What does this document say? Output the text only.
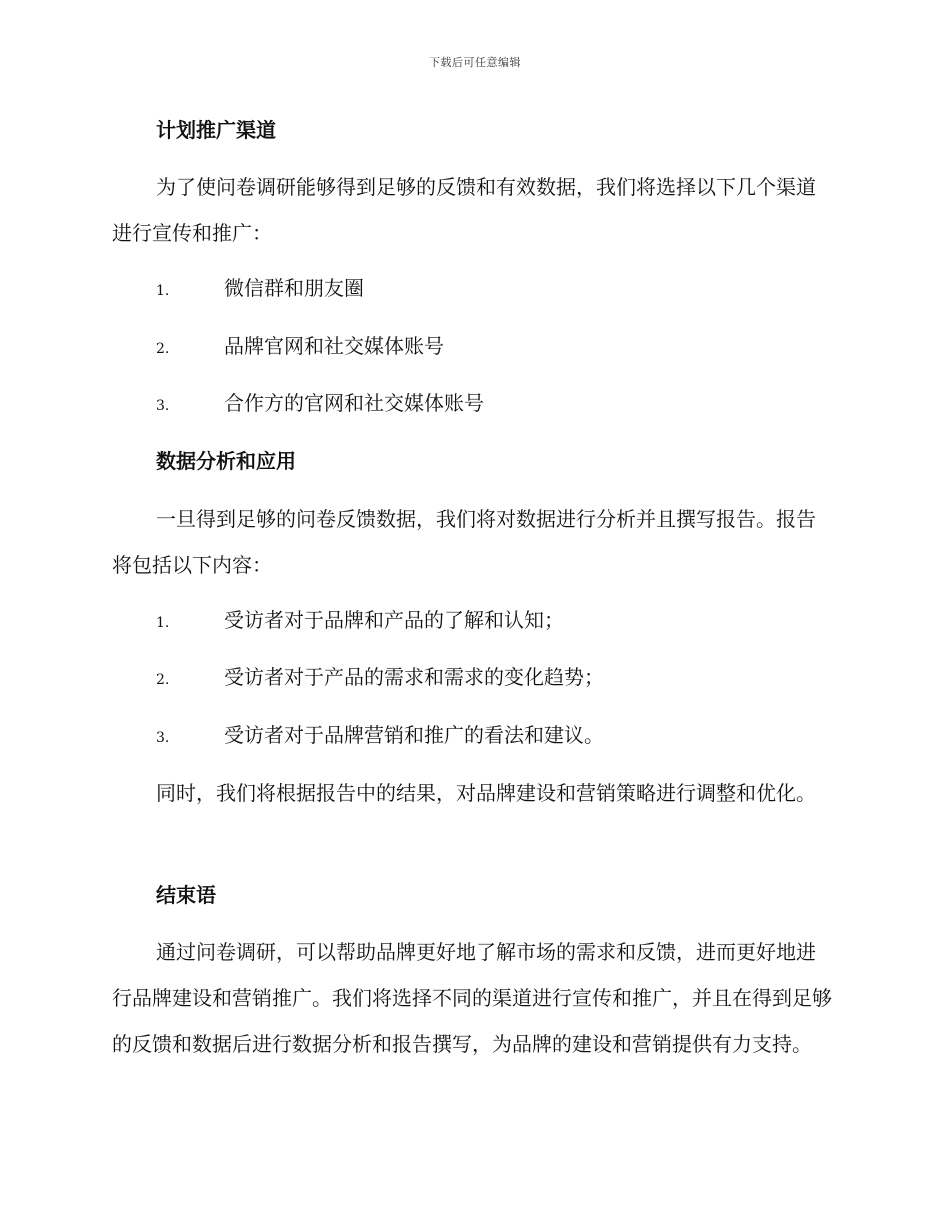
下载后可任意编辑
计划推广渠道
为了使问卷调研能够得到足够的反馈和有效数据，我们将选择以下几个渠道进行宣传和推广：
1.	微信群和朋友圈
2.	品牌官网和社交媒体账号
3.	合作方的官网和社交媒体账号
数据分析和应用
一旦得到足够的问卷反馈数据，我们将对数据进行分析并且撰写报告。报告将包括以下内容：
1.	受访者对于品牌和产品的了解和认知；
2.	受访者对于产品的需求和需求的变化趋势；
3.	受访者对于品牌营销和推广的看法和建议。
同时，我们将根据报告中的结果，对品牌建设和营销策略进行调整和优化。
结束语
通过问卷调研，可以帮助品牌更好地了解市场的需求和反馈，进而更好地进行品牌建设和营销推广。我们将选择不同的渠道进行宣传和推广，并且在得到足够的反馈和数据后进行数据分析和报告撰写，为品牌的建设和营销提供有力支持。
